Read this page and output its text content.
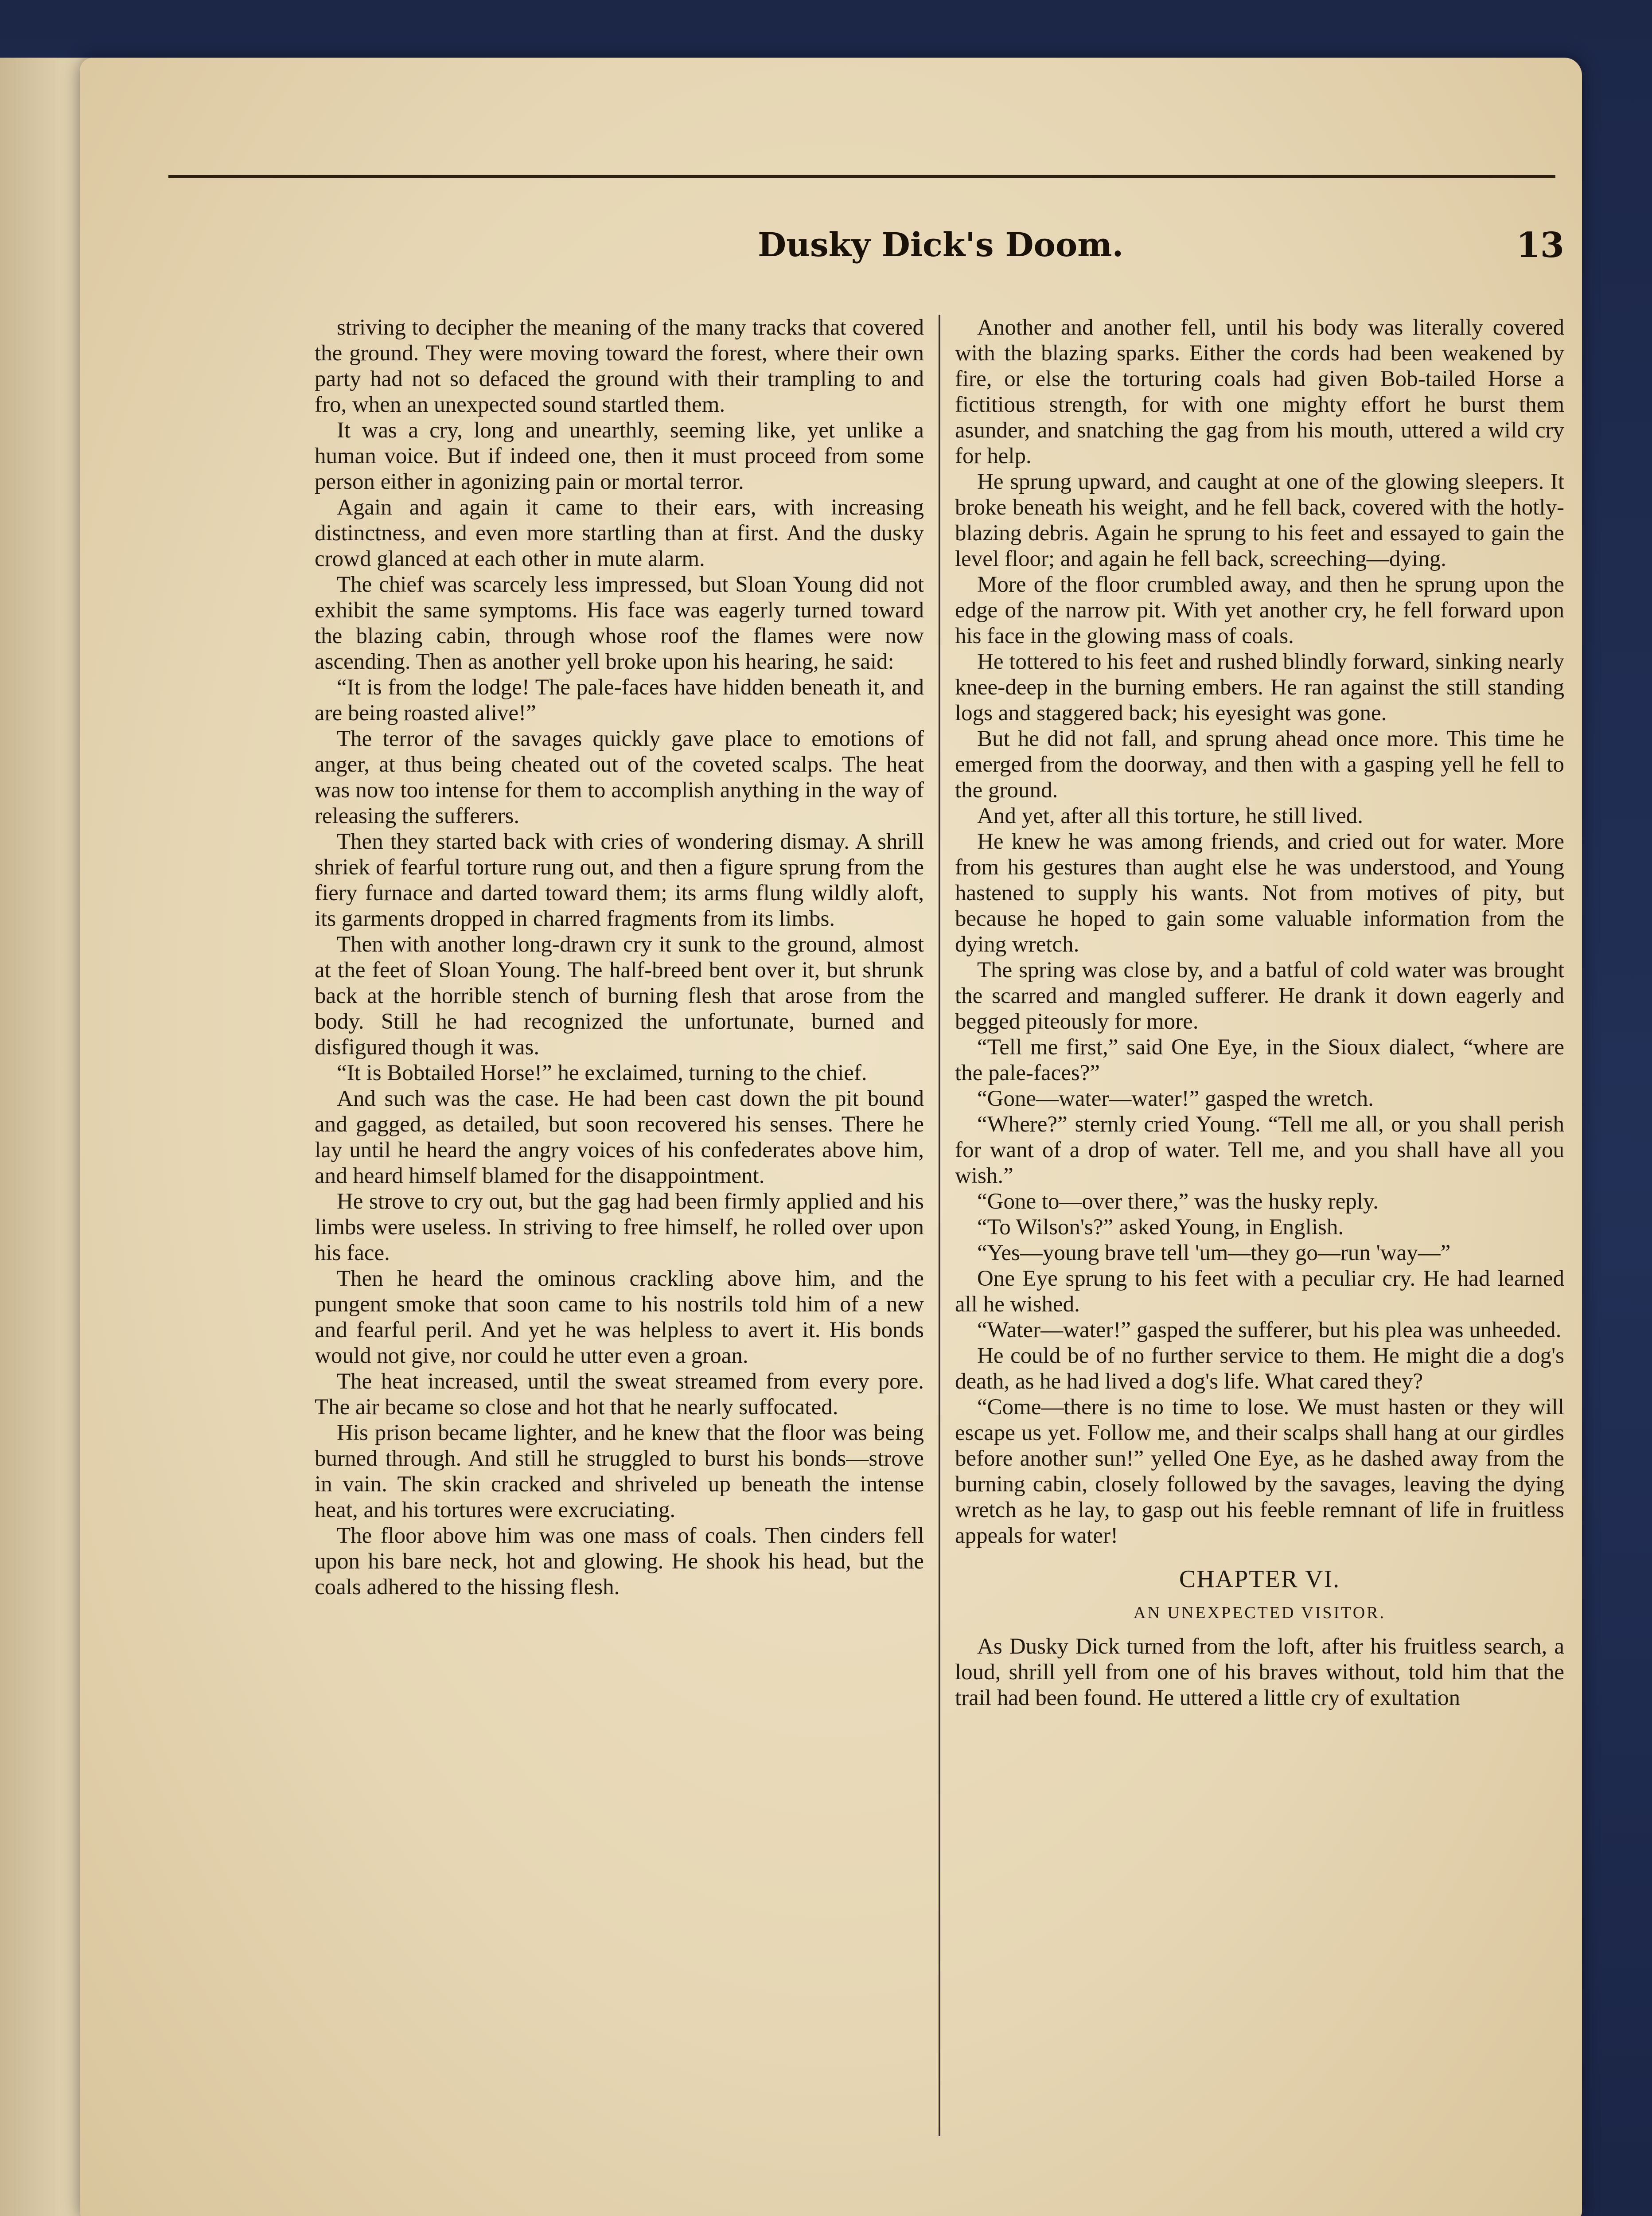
Dusky Dick's Doom.	13

striving to decipher the meaning of the many tracks that covered the ground. They were moving toward the forest, where their own party had not so defaced the ground with their trampling to and fro, when an unexpected sound startled them.

It was a cry, long and unearthly, seeming like, yet unlike a human voice. But if indeed one, then it must proceed from some person either in agonizing pain or mortal terror.

Again and again it came to their ears, with increasing distinctness, and even more startling than at first. And the dusky crowd glanced at each other in mute alarm.

The chief was scarcely less impressed, but Sloan Young did not exhibit the same symptoms. His face was eagerly turned toward the blazing cabin, through whose roof the flames were now ascending. Then as another yell broke upon his hearing, he said:

“It is from the lodge! The pale-faces have hidden beneath it, and are being roasted alive!”

The terror of the savages quickly gave place to emotions of anger, at thus being cheated out of the coveted scalps. The heat was now too intense for them to accomplish anything in the way of releasing the sufferers.

Then they started back with cries of wondering dismay. A shrill shriek of fearful torture rung out, and then a figure sprung from the fiery furnace and darted toward them; its arms flung wildly aloft, its garments dropped in charred fragments from its limbs.

Then with another long-drawn cry it sunk to the ground, almost at the feet of Sloan Young. The half-breed bent over it, but shrunk back at the horrible stench of burning flesh that arose from the body. Still he had recognized the unfortunate, burned and disfigured though it was.

“It is Bobtailed Horse!” he exclaimed, turning to the chief.

And such was the case. He had been cast down the pit bound and gagged, as detailed, but soon recovered his senses. There he lay until he heard the angry voices of his confederates above him, and heard himself blamed for the disappointment.

He strove to cry out, but the gag had been firmly applied and his limbs were useless. In striving to free himself, he rolled over upon his face.

Then he heard the ominous crackling above him, and the pungent smoke that soon came to his nostrils told him of a new and fearful peril. And yet he was helpless to avert it. His bonds would not give, nor could he utter even a groan.

The heat increased, until the sweat streamed from every pore. The air became so close and hot that he nearly suffocated.

His prison became lighter, and he knew that the floor was being burned through. And still he struggled to burst his bonds—strove in vain. The skin cracked and shriveled up beneath the intense heat, and his tortures were excruciating.

The floor above him was one mass of coals. Then cinders fell upon his bare neck, hot and glowing. He shook his head, but the coals adhered to the hissing flesh.

Another and another fell, until his body was literally covered with the blazing sparks. Either the cords had been weakened by fire, or else the torturing coals had given Bob-tailed Horse a fictitious strength, for with one mighty effort he burst them asunder, and snatching the gag from his mouth, uttered a wild cry for help.

He sprung upward, and caught at one of the glowing sleepers. It broke beneath his weight, and he fell back, covered with the hotly-blazing debris. Again he sprung to his feet and essayed to gain the level floor; and again he fell back, screeching—dying.

More of the floor crumbled away, and then he sprung upon the edge of the narrow pit. With yet another cry, he fell forward upon his face in the glowing mass of coals.

He tottered to his feet and rushed blindly forward, sinking nearly knee-deep in the burning embers. He ran against the still standing logs and staggered back; his eyesight was gone.

But he did not fall, and sprung ahead once more. This time he emerged from the doorway, and then with a gasping yell he fell to the ground.

And yet, after all this torture, he still lived.

He knew he was among friends, and cried out for water. More from his gestures than aught else he was understood, and Young hastened to supply his wants. Not from motives of pity, but because he hoped to gain some valuable information from the dying wretch.

The spring was close by, and a batful of cold water was brought the scarred and mangled sufferer. He drank it down eagerly and begged piteously for more.

“Tell me first,” said One Eye, in the Sioux dialect, “where are the pale-faces?”

“Gone—water—water!” gasped the wretch.

“Where?” sternly cried Young. “Tell me all, or you shall perish for want of a drop of water. Tell me, and you shall have all you wish.”

“Gone to—over there,” was the husky reply.

“To Wilson's?” asked Young, in English.

“Yes—young brave tell 'um—they go—run 'way—”

One Eye sprung to his feet with a peculiar cry. He had learned all he wished.

“Water—water!” gasped the sufferer, but his plea was unheeded.

He could be of no further service to them. He might die a dog's death, as he had lived a dog's life. What cared they?

“Come—there is no time to lose. We must hasten or they will escape us yet. Follow me, and their scalps shall hang at our girdles before another sun!” yelled One Eye, as he dashed away from the burning cabin, closely followed by the savages, leaving the dying wretch as he lay, to gasp out his feeble remnant of life in fruitless appeals for water!

CHAPTER VI.

AN UNEXPECTED VISITOR.

As Dusky Dick turned from the loft, after his fruitless search, a loud, shrill yell from one of his braves without, told him that the trail had been found. He uttered a little cry of exultation
